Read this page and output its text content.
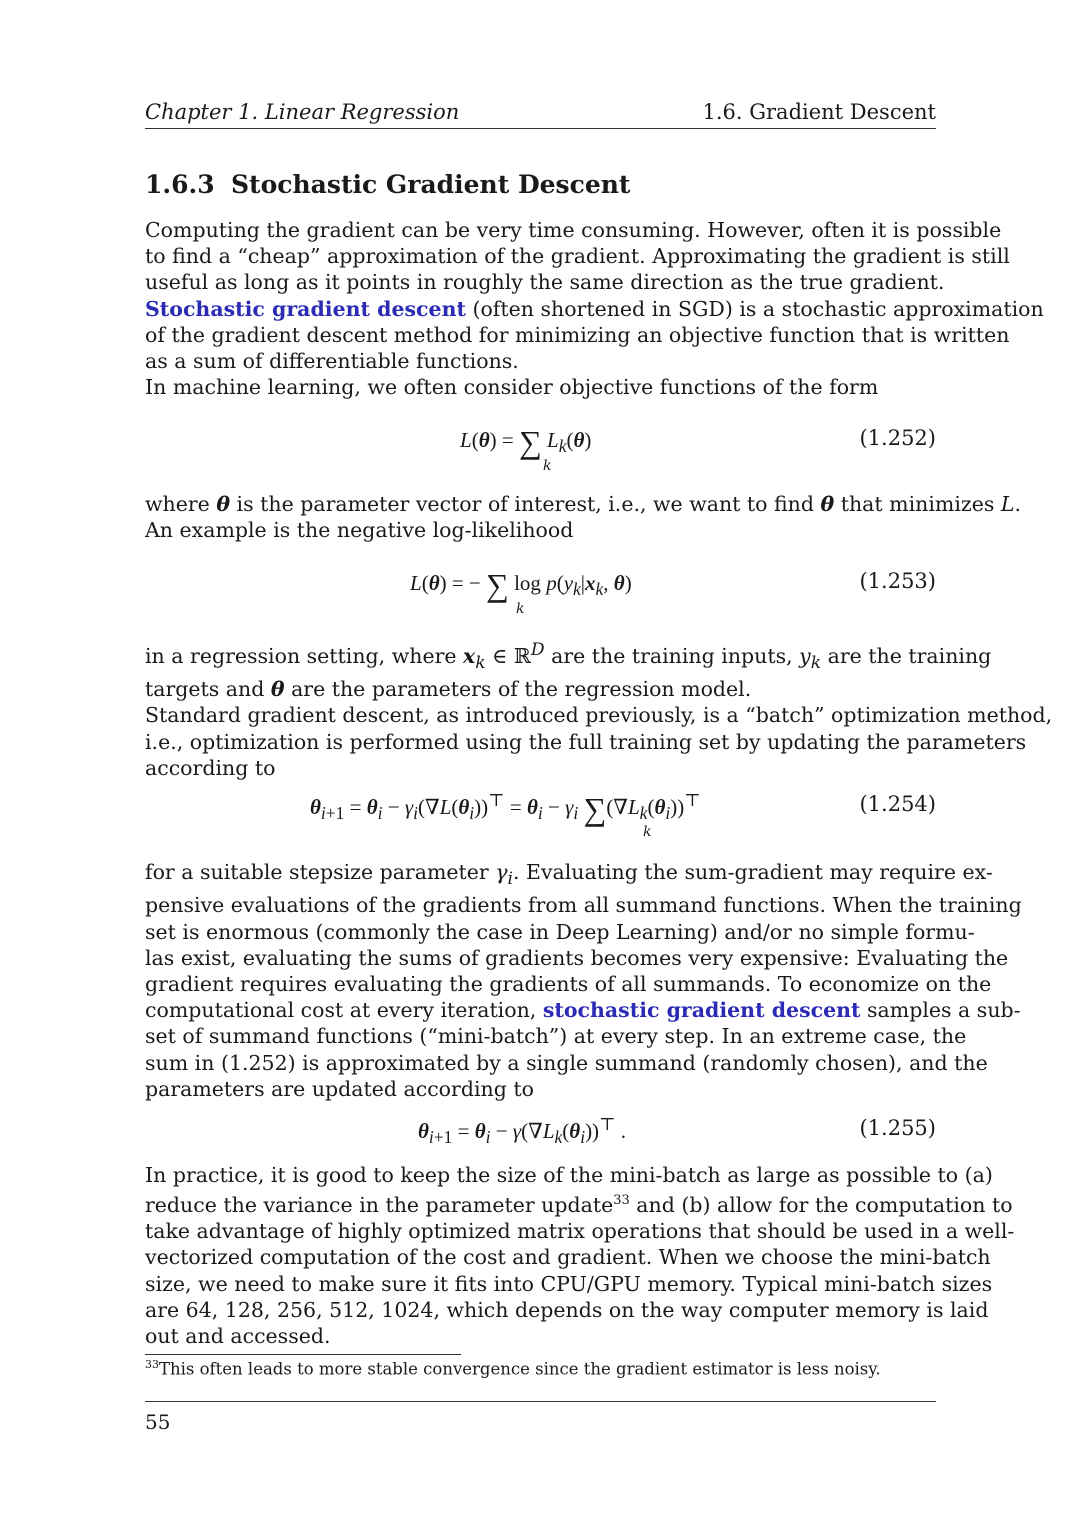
Chapter 1. Linear Regression	1.6. Gradient Descent
1.6.3 Stochastic Gradient Descent
Computing the gradient can be very time consuming. However, often it is possible
to find a “cheap” approximation of the gradient. Approximating the gradient is still
useful as long as it points in roughly the same direction as the true gradient.
Stochastic gradient descent (often shortened in SGD) is a stochastic approximation
of the gradient descent method for minimizing an objective function that is written
as a sum of differentiable functions.
In machine learning, we often consider objective functions of the form
L(θ) = ∑ $L_k(\theta)$
k
(1.252)
where θ is the parameter vector of interest, i.e., we want to find θ that minimizes L.
An example is the negative log-likelihood
L(θ) = − ∑ $\log p(y_k|x_k$, θ)
k
(1.253)
in a regression setting, where $x_k$ ∈ ℝ$^D$ are the training inputs, $y_k$ are the training
targets and θ are the parameters of the regression model.
Standard gradient descent, as introduced previously, is a “batch” optimization method,
i.e., optimization is performed using the full training set by updating the parameters
according to
$\theta_{i+1} = \theta_i - \gamma_i(\nabla L(\theta_i))^⊤ = \theta_i - \gamma_i$ $\sum(\nabla L_k(\theta_i))^⊤$
k
(1.254)
for a suitable stepsize parameter $\gamma_i$. Evaluating the sum-gradient may require ex-
pensive evaluations of the gradients from all summand functions. When the training
set is enormous (commonly the case in Deep Learning) and/or no simple formu-
las exist, evaluating the sums of gradients becomes very expensive: Evaluating the
gradient requires evaluating the gradients of all summands. To economize on the
computational cost at every iteration, stochastic gradient descent samples a sub-
set of summand functions (“mini-batch”) at every step. In an extreme case, the
sum in (1.252) is approximated by a single summand (randomly chosen), and the
parameters are updated according to
$\theta_{i+1} = \theta_i - \gamma(\nabla L_k(\theta_i))^⊤$ .	(1.255)
In practice, it is good to keep the size of the mini-batch as large as possible to (a)
reduce the variance in the parameter update$^{33}$ and (b) allow for the computation to
take advantage of highly optimized matrix operations that should be used in a well-
vectorized computation of the cost and gradient. When we choose the mini-batch
size, we need to make sure it fits into CPU/GPU memory. Typical mini-batch sizes
are 64, 128, 256, 512, 1024, which depends on the way computer memory is laid
out and accessed.
$^{33}$This often leads to more stable convergence since the gradient estimator is less noisy.
55
